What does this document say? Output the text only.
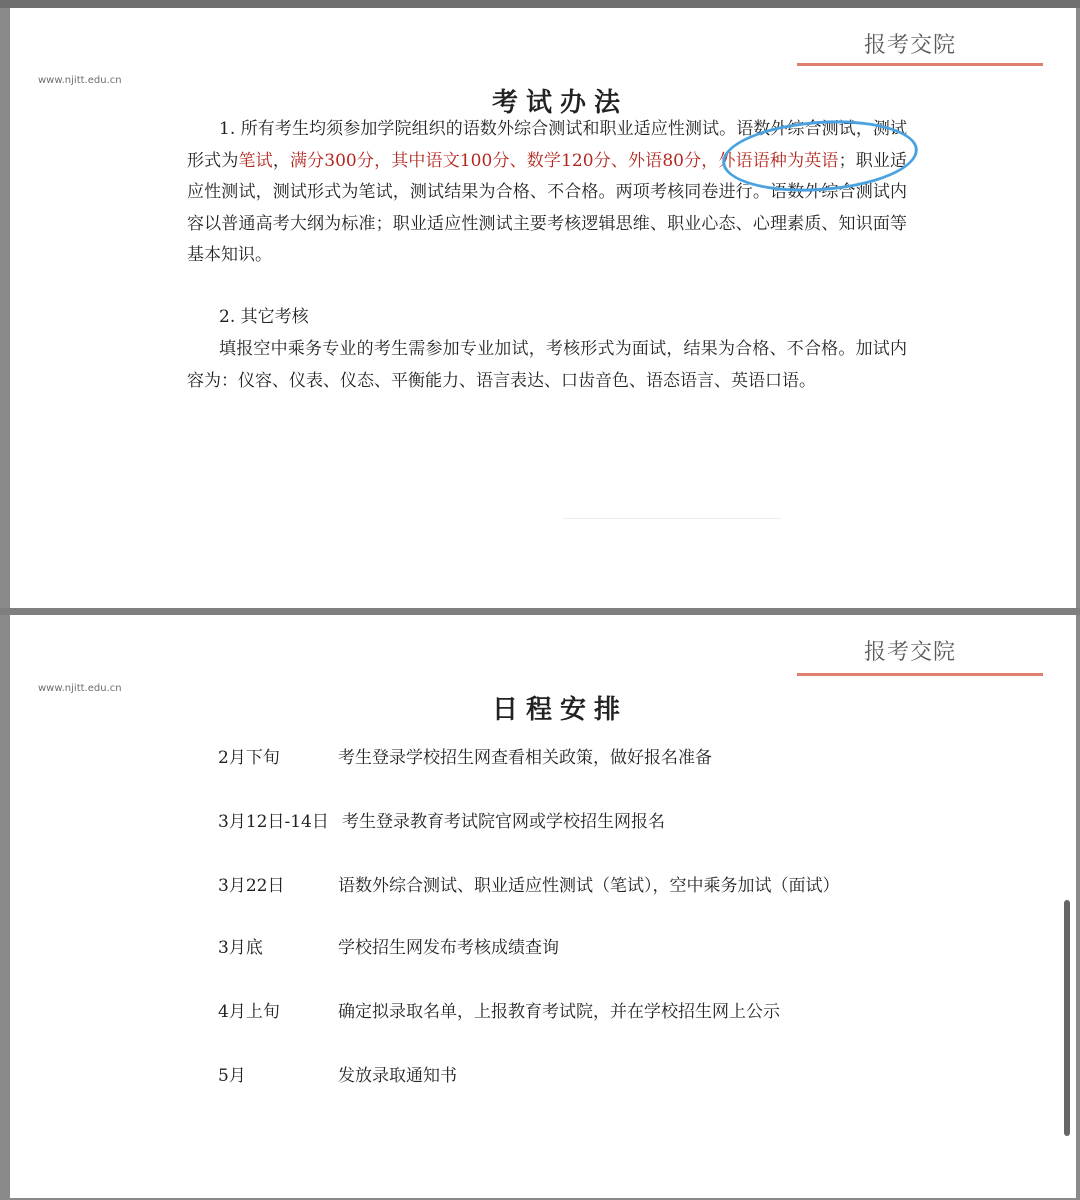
报考交院
www.njitt.edu.cn
考试办法
1. 所有考生均须参加学院组织的语数外综合测试和职业适应性测试。语数外综合测试，测试形式为笔试，满分300分，其中语文100分、数学120分、外语80分，外语语种为英语；职业适应性测试，测试形式为笔试，测试结果为合格、不合格。两项考核同卷进行。语数外综合测试内容以普通高考大纲为标准；职业适应性测试主要考核逻辑思维、职业心态、心理素质、知识面等基本知识。
2. 其它考核
填报空中乘务专业的考生需参加专业加试，考核形式为面试，结果为合格、不合格。加试内容为：仪容、仪表、仪态、平衡能力、语言表达、口齿音色、语态语言、英语口语。
报考交院
www.njitt.edu.cn
日程安排
2月下旬	考生登录学校招生网查看相关政策，做好报名准备
3月12日-14日 考生登录教育考试院官网或学校招生网报名
3月22日	语数外综合测试、职业适应性测试（笔试），空中乘务加试（面试）
3月底	学校招生网发布考核成绩查询
4月上旬	确定拟录取名单，上报教育考试院，并在学校招生网上公示
5月	发放录取通知书
